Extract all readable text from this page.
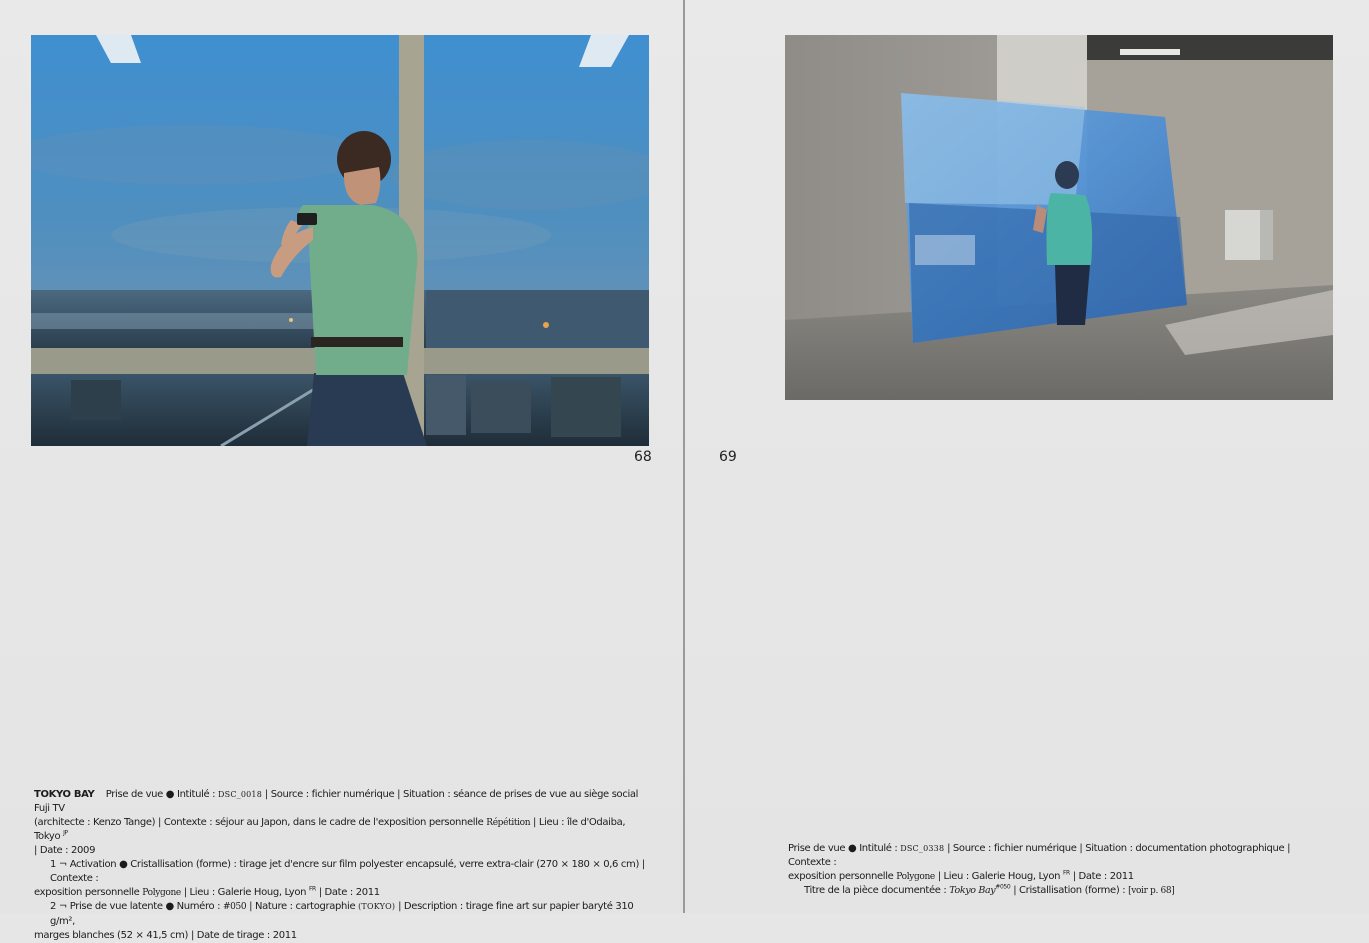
68
TOKYO BAY Prise de vue ● Intitulé : DSC_0018 | Source : fichier numérique | Situation : séance de prises de vue au siège social Fuji TV
(architecte : Kenzo Tange) | Contexte : séjour au Japon, dans le cadre de l'exposition personnelle Répétition | Lieu : île d'Odaiba, Tokyo $^{JP}$
| Date : 2009
1 ¬ Activation ● Cristallisation (forme) : tirage jet d'encre sur film polyester encapsulé, verre extra-clair (270 × 180 × 0,6 cm) | Contexte :
exposition personnelle Polygone | Lieu : Galerie Houg, Lyon $^{FR}$ | Date : 2011
2 ¬ Prise de vue latente ● Numéro : #050 | Nature : cartographie (TOKYO) | Description : tirage fine art sur papier baryté 310 g/m²,
marges blanches (52 × 41,5 cm) | Date de tirage : 2011
69
Prise de vue ● Intitulé : DSC_0338 | Source : fichier numérique | Situation : documentation photographique | Contexte :
exposition personnelle Polygone | Lieu : Galerie Houg, Lyon $^{FR}$ | Date : 2011
Titre de la pièce documentée : Tokyo Bay$^{\#050}$ | Cristallisation (forme) : [voir p. 68]
